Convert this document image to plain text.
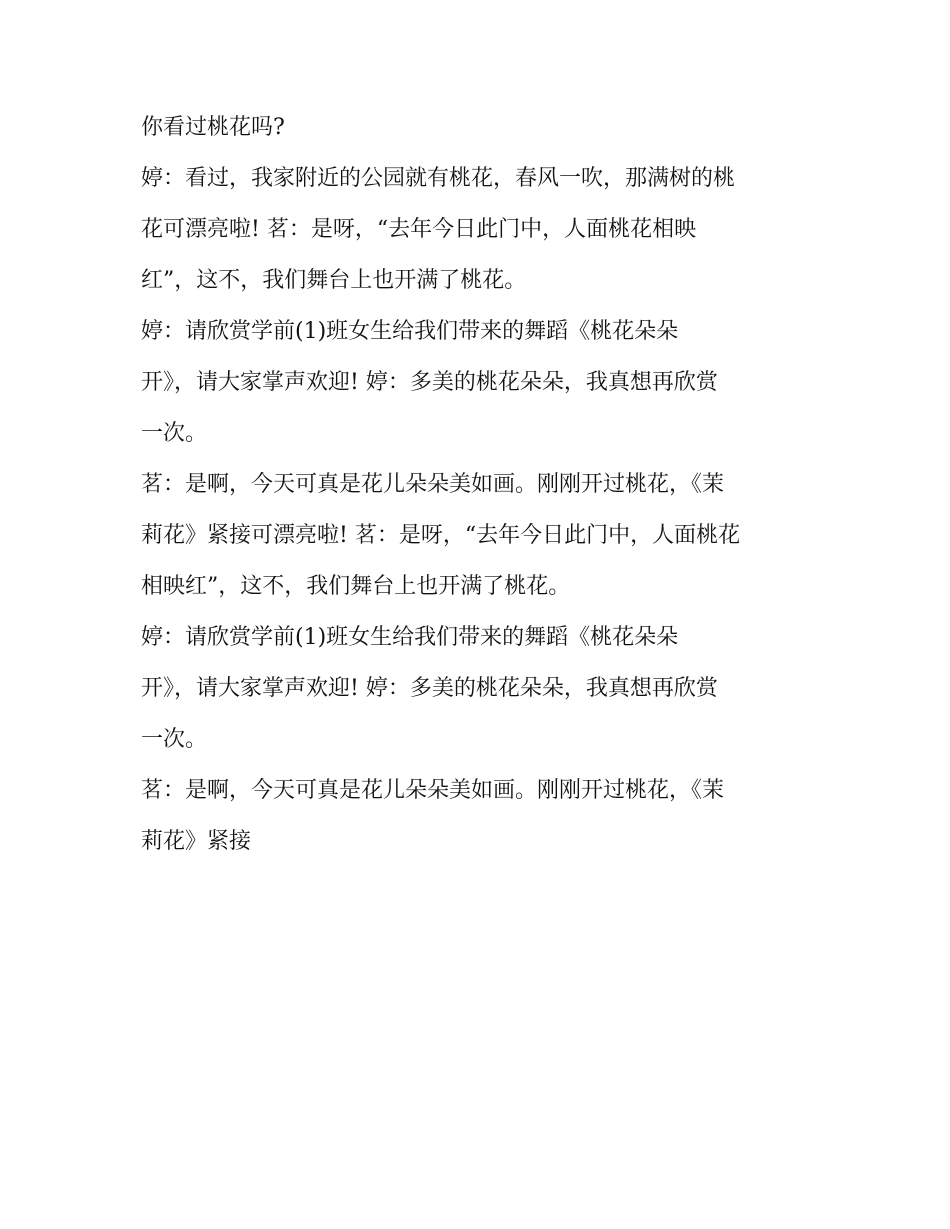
你看过桃花吗?
婷：看过，我家附近的公园就有桃花，春风一吹，那满树的桃
花可漂亮啦! 茗：是呀，“去年今日此门中，人面桃花相映
红”，这不，我们舞台上也开满了桃花。
婷：请欣赏学前(1)班女生给我们带来的舞蹈《桃花朵朵
开》，请大家掌声欢迎! 婷：多美的桃花朵朵，我真想再欣赏
一次。
茗：是啊，今天可真是花儿朵朵美如画。刚刚开过桃花，《茉
莉花》紧接可漂亮啦! 茗：是呀，“去年今日此门中，人面桃花
相映红”，这不，我们舞台上也开满了桃花。
婷：请欣赏学前(1)班女生给我们带来的舞蹈《桃花朵朵
开》，请大家掌声欢迎! 婷：多美的桃花朵朵，我真想再欣赏
一次。
茗：是啊，今天可真是花儿朵朵美如画。刚刚开过桃花，《茉
莉花》紧接
